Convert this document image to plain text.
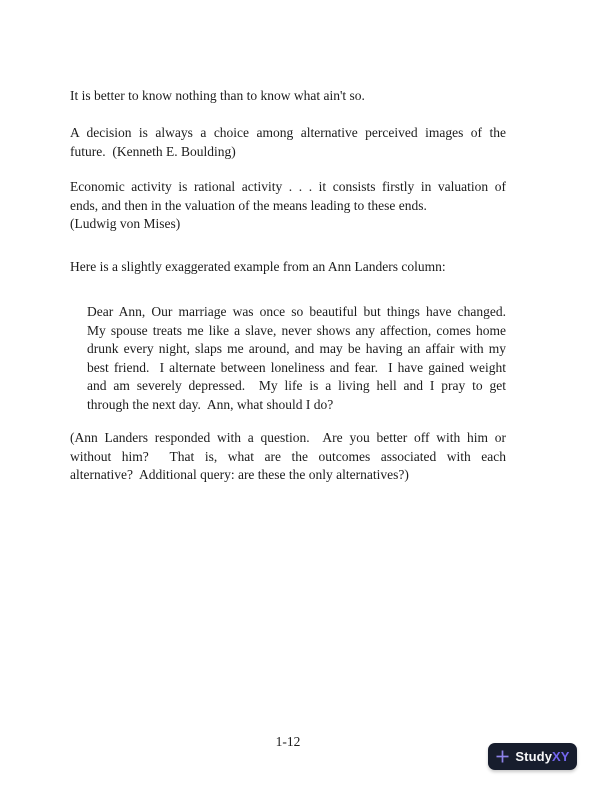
It is better to know nothing than to know what ain't so.
A decision is always a choice among alternative perceived images of the
future.  (Kenneth E. Boulding)
Economic activity is rational activity . . . it consists firstly in valuation of
ends, and then in the valuation of the means leading to these ends.
(Ludwig von Mises)
Here is a slightly exaggerated example from an Ann Landers column:
Dear Ann, Our marriage was once so beautiful but things have changed.
My spouse treats me like a slave, never shows any affection, comes home
drunk every night, slaps me around, and may be having an affair with my
best friend.  I alternate between loneliness and fear.  I have gained weight
and am severely depressed.  My life is a living hell and I pray to get
through the next day.  Ann, what should I do?
(Ann Landers responded with a question.  Are you better off with him or
without him?  That is, what are the outcomes associated with each
alternative?  Additional query: are these the only alternatives?)
1-12
StudyXY
